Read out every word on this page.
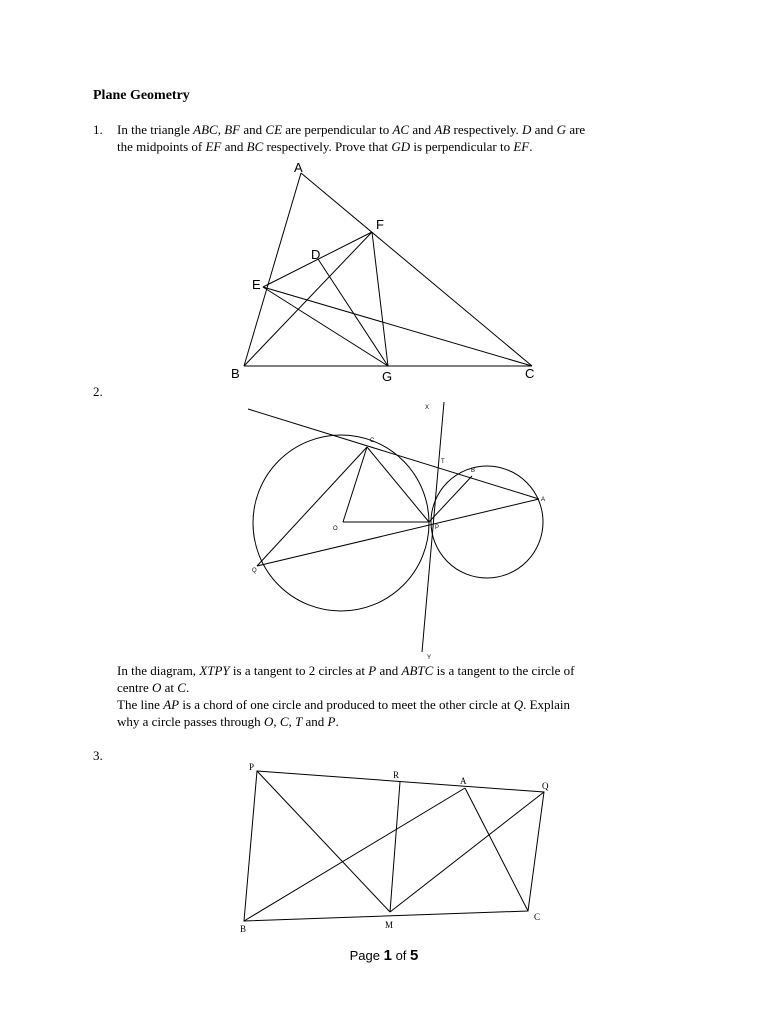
Plane Geometry
1. In the triangle ABC, BF and CE are perpendicular to AC and AB respectively. D and G are
the midpoints of EF and BC respectively. Prove that GD is perpendicular to EF.
A
F
D
E
B	G	C
2.
X
C
T
B
A
O	P
Q
Y
In the diagram, XTPY is a tangent to 2 circles at P and ABTC is a tangent to the circle of
centre O at C.
The line AP is a chord of one circle and produced to meet the other circle at Q. Explain
why a circle passes through O, C, T and P.
3.
P
R
A	Q
B	M
C
Page 1 of 5
